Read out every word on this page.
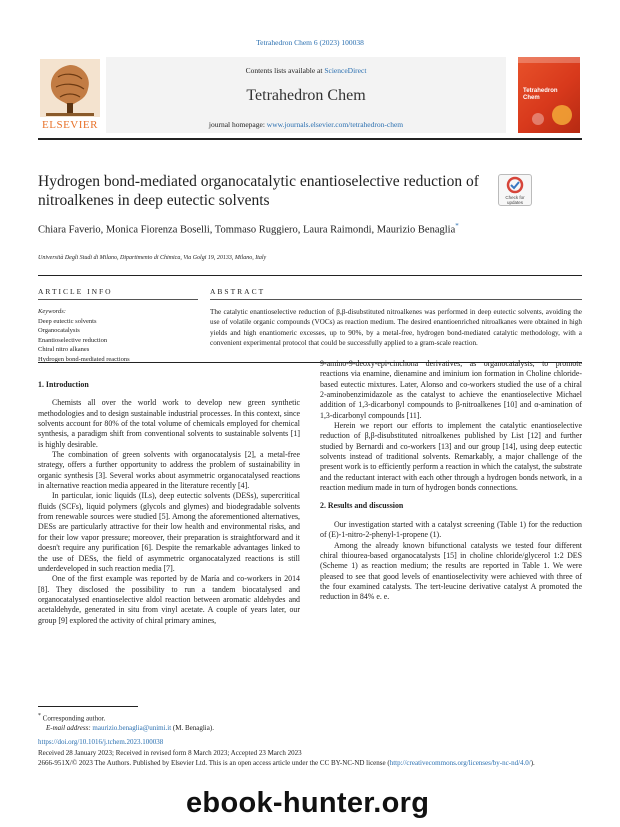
Tetrahedron Chem 6 (2023) 100038
ELSEVIER
Contents lists available at ScienceDirect
Tetrahedron Chem
journal homepage: www.journals.elsevier.com/tetrahedron-chem
Tetrahedron
Chem
Hydrogen bond-mediated organocatalytic enantioselective reduction of nitroalkenes in deep eutectic solvents	Check for updates
Chiara Faverio, Monica Fiorenza Boselli, Tommaso Ruggiero, Laura Raimondi, Maurizio Benaglia*
Università Degli Studi di Milano, Dipartimento di Chimica, Via Golgi 19, 20133, Milano, Italy
ARTICLE INFO	ABSTRACT
Keywords:
Deep eutectic solvents
Organocatalysis
Enantioselective reduction
Chiral nitro alkanes
Hydrogen bond-mediated reactions
The catalytic enantioselective reduction of β,β-disubstituted nitroalkenes was performed in deep eutectic solvents, avoiding the use of volatile organic compounds (VOCs) as reaction medium. The desired enantioenriched nitroalkanes were obtained in high yields and high enantiomeric excesses, up to 90%, by a metal-free, hydrogen bond-mediated catalytic methodology, with a convenient experimental protocol that could be successfully applied to a gram-scale reaction.
1. Introduction

Chemists all over the world work to develop new green synthetic methodologies and to design sustainable industrial processes. In this context, since solvents account for 80% of the total volume of chemicals employed for chemical synthesis, a paradigm shift from conventional solvents to sustainable solvents [1] is highly desirable.

The combination of green solvents with organocatalysis [2], a metal-free strategy, offers a further opportunity to address the problem of sustainability in organic synthesis [3]. Several works about asymmetric organocatalysed reactions in alternative reaction media appeared in the literature recently [4].

In particular, ionic liquids (ILs), deep eutectic solvents (DESs), supercritical fluids (SCFs), liquid polymers (glycols and glymes) and biodegradable solvents from renewable sources were studied [5]. Among the aforementioned alternatives, DESs are particularly attractive for their low health and environmental risks, and for their low vapor pressure; moreover, their preparation is straightforward and it doesn't require any purification [6]. Despite the remarkable advantages linked to the use of DESs, the field of asymmetric organocatalyzed reactions is still underdeveloped in such reaction media [7].

One of the first example was reported by de María and co-workers in 2014 [8]. They disclosed the possibility to run a tandem biocatalysed and organocatalysed enantioselective aldol reaction between aromatic aldehydes and acetaldehyde, generated in situ from vinyl acetate. A couple of years later, our group [9] explored the activity of chiral primary amines,

9-amino-9-deoxy-epi-cinchona derivatives, as organocatalysts, to promote reactions via enamine, dienamine and iminium ion formation in Choline chloride-based eutectic mixtures. Later, Alonso and co-workers studied the use of a chiral 2-aminobenzimidazole as the catalyst to achieve the enantioselective Michael addition of 1,3-dicarbonyl compounds to β-nitroalkenes [10] and α-amination of 1,3-dicarbonyl compounds [11].

Herein we report our efforts to implement the catalytic enantioselective reduction of β,β-disubstituted nitroalkenes published by List [12] and further studied by Bernardi and co-workers [13] and our group [14], using deep eutectic solvents instead of traditional solvents. Remarkably, a major challenge of the present work is to efficiently perform a reaction in which the catalyst, the substrate and the reductant interact with each other through a hydrogen bonds network, in a reaction medium made in turn of hydrogen bonds connections.

2. Results and discussion

Our investigation started with a catalyst screening (Table 1) for the reduction of (E)-1-nitro-2-phenyl-1-propene (1).

Among the already known bifunctional catalysts we tested four different chiral thiourea-based organocatalysts [15] in choline chloride/glycerol 1:2 DES (Scheme 1) as reaction medium; the results are reported in Table 1. We were pleased to see that good levels of enantioselectivity were achieved with three of the four examined catalysts. The tert-leucine derivative catalyst A promoted the reduction in 84% e. e.

* Corresponding author.
E-mail address: maurizio.benaglia@unimi.it (M. Benaglia).
https://doi.org/10.1016/j.tchem.2023.100038
Received 28 January 2023; Received in revised form 8 March 2023; Accepted 23 March 2023
2666-951X/© 2023 The Authors. Published by Elsevier Ltd. This is an open access article under the CC BY-NC-ND license (http://creativecommons.org/licenses/by-nc-nd/4.0/).
ebook-hunter.org
